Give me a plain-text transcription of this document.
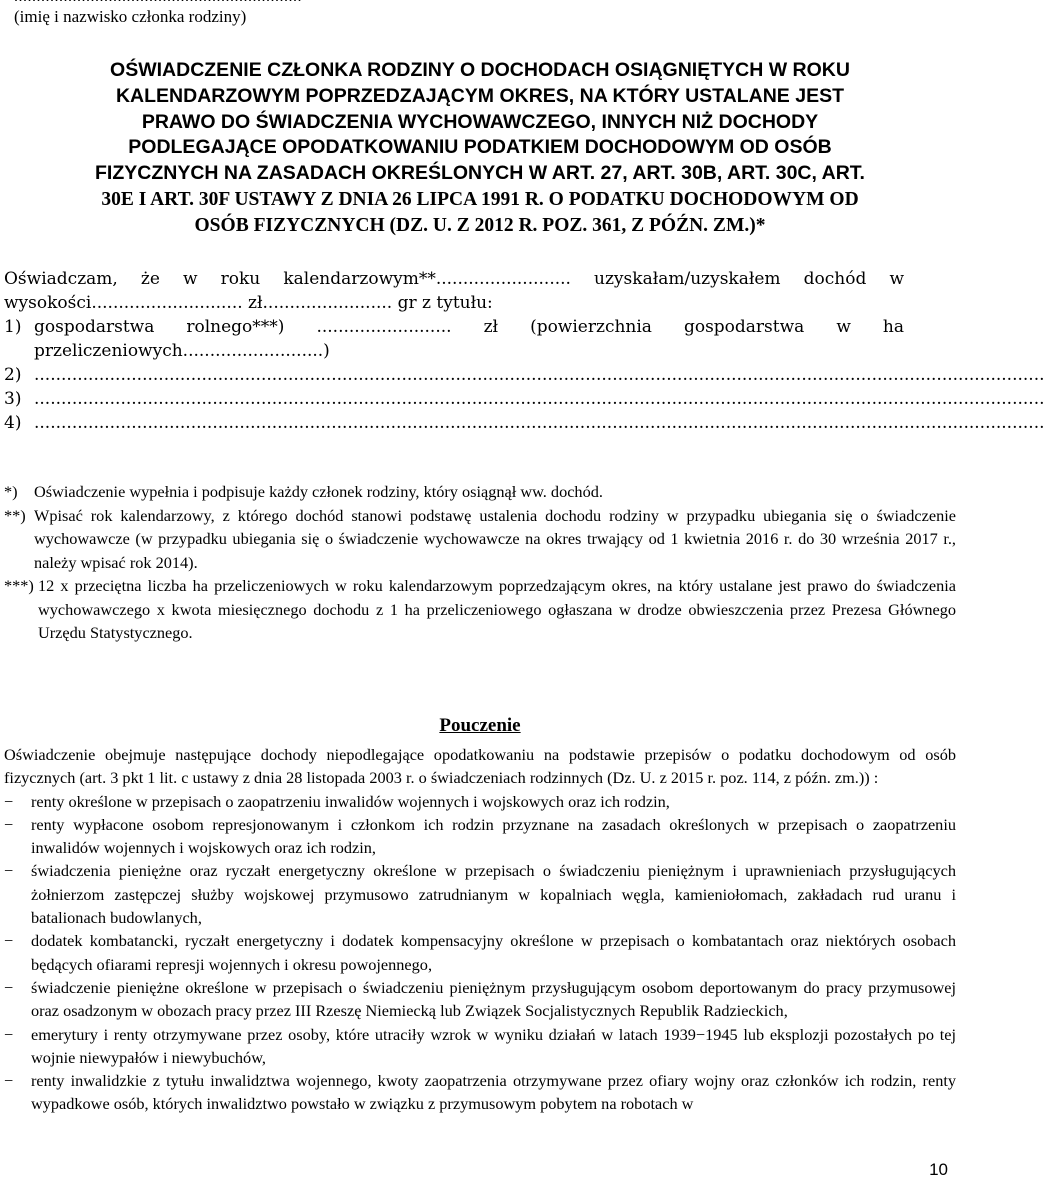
(imię i nazwisko członka rodziny)
OŚWIADCZENIE CZŁONKA RODZINY O DOCHODACH OSIĄGNIĘTYCH W ROKU
KALENDARZOWYM POPRZEDZAJĄCYM OKRES, NA KTÓRY USTALANE JEST
PRAWO DO ŚWIADCZENIA WYCHOWAWCZEGO, INNYCH NIŻ DOCHODY
PODLEGAJĄCE OPODATKOWANIU PODATKIEM DOCHODOWYM OD OSÓB
FIZYCZNYCH NA ZASADACH OKREŚLONYCH W ART. 27, ART. 30B, ART. 30C, ART.
30E I ART. 30F USTAWY Z DNIA 26 LIPCA 1991 R. O PODATKU DOCHODOWYM OD
OSÓB FIZYCZNYCH (DZ. U. Z 2012 R. POZ. 361, Z PÓŹN. ZM.)*
Oświadczam, że w roku kalendarzowym**......................... uzyskałam/uzyskałem dochód w
wysokości............................ zł........................ gr z tytułu:
1) gospodarstwa rolnego***) ......................... zł (powierzchnia gospodarstwa w ha
przeliczeniowych..........................)
2) ...........................................................................................................................................................................................
3) ...........................................................................................................................................................................................
4) ...........................................................................................................................................................................................
*)	Oświadczenie wypełnia i podpisuje każdy członek rodziny, który osiągnął ww. dochód.
**) Wpisać rok kalendarzowy, z którego dochód stanowi podstawę ustalenia dochodu rodziny w przypadku ubiegania się o świadczenie wychowawcze (w przypadku ubiegania się o świadczenie wychowawcze na okres trwający od 1 kwietnia 2016 r. do 30 września 2017 r., należy wpisać rok 2014).
***) 12 x przeciętna liczba ha przeliczeniowych w roku kalendarzowym poprzedzającym okres, na który ustalane jest prawo do świadczenia wychowawczego x kwota miesięcznego dochodu z 1 ha przeliczeniowego ogłaszana w drodze obwieszczenia przez Prezesa Głównego Urzędu Statystycznego.
Pouczenie

Oświadczenie obejmuje następujące dochody niepodlegające opodatkowaniu na podstawie przepisów o podatku dochodowym od osób fizycznych (art. 3 pkt 1 lit. c ustawy z dnia 28 listopada 2003 r. o świadczeniach rodzinnych (Dz. U. z 2015 r. poz. 114, z późn. zm.)) :

−	renty określone w przepisach o zaopatrzeniu inwalidów wojennych i wojskowych oraz ich rodzin,
−	renty wypłacone osobom represjonowanym i członkom ich rodzin przyznane na zasadach określonych w przepisach o zaopatrzeniu inwalidów wojennych i wojskowych oraz ich rodzin,
−	świadczenia pieniężne oraz ryczałt energetyczny określone w przepisach o świadczeniu pieniężnym i uprawnieniach przysługujących żołnierzom zastępczej służby wojskowej przymusowo zatrudnianym w kopalniach węgla, kamieniołomach, zakładach rud uranu i batalionach budowlanych,
−	dodatek kombatancki, ryczałt energetyczny i dodatek kompensacyjny określone w przepisach o kombatantach oraz niektórych osobach będących ofiarami represji wojennych i okresu powojennego,
−	świadczenie pieniężne określone w przepisach o świadczeniu pieniężnym przysługującym osobom deportowanym do pracy przymusowej oraz osadzonym w obozach pracy przez III Rzeszę Niemiecką lub Związek Socjalistycznych Republik Radzieckich,
−	emerytury i renty otrzymywane przez osoby, które utraciły wzrok w wyniku działań w latach 1939−1945 lub eksplozji pozostałych po tej wojnie niewypałów i niewybuchów,
−	renty inwalidzkie z tytułu inwalidztwa wojennego, kwoty zaopatrzenia otrzymywane przez ofiary wojny oraz członków ich rodzin, renty wypadkowe osób, których inwalidztwo powstało w związku z przymusowym pobytem na robotach w
10
